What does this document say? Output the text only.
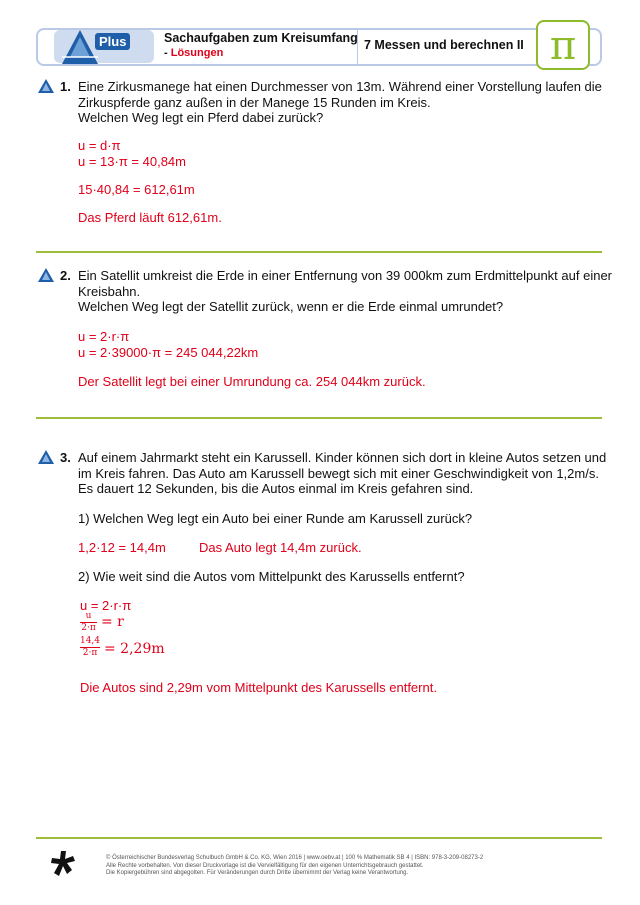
Plus	Sachaufgaben zum Kreisumfang
- Lösungen
7 Messen und berechnen II π
1. Eine Zirkusmanege hat einen Durchmesser von 13m. Während einer Vorstellung laufen die
Zirkuspferde ganz außen in der Manege 15 Runden im Kreis.
Welchen Weg legt ein Pferd dabei zurück?
u = d·π
u = 13·π = 40,84m
15·40,84 = 612,61m
Das Pferd läuft 612,61m.
2. Ein Satellit umkreist die Erde in einer Entfernung von 39 000km zum Erdmittelpunkt auf einer
Kreisbahn.
Welchen Weg legt der Satellit zurück, wenn er die Erde einmal umrundet?
u = 2·r·π
u = 2·39000·π = 245 044,22km
Der Satellit legt bei einer Umrundung ca. 254 044km zurück.
3. Auf einem Jahrmarkt steht ein Karussell. Kinder können sich dort in kleine Autos setzen und
im Kreis fahren. Das Auto am Karussell bewegt sich mit einer Geschwindigkeit von 1,2m/s.
Es dauert 12 Sekunden, bis die Autos einmal im Kreis gefahren sind.
1) Welchen Weg legt ein Auto bei einer Runde am Karussell zurück?
1,2·12 = 14,4m	Das Auto legt 14,4m zurück.
2) Wie weit sind die Autos vom Mittelpunkt des Karussells entfernt?
u = 2·r·π
u
2·π = r
14,4
2·π = 2,29m
Die Autos sind 2,29m vom Mittelpunkt des Karussells entfernt.
© Österreichischer Bundesverlag Schulbuch GmbH & Co. KG, Wien 2016 | www.oebv.at | 100 % Mathematik SB 4 | ISBN: 978-3-209-08273-2
Alle Rechte vorbehalten. Von dieser Druckvorlage ist die Vervielfältigung für den eigenen Unterrichtsgebrauch gestattet.
Die Kopiergebühren sind abgegolten. Für Veränderungen durch Dritte übernimmt der Verlag keine Verantwortung.
